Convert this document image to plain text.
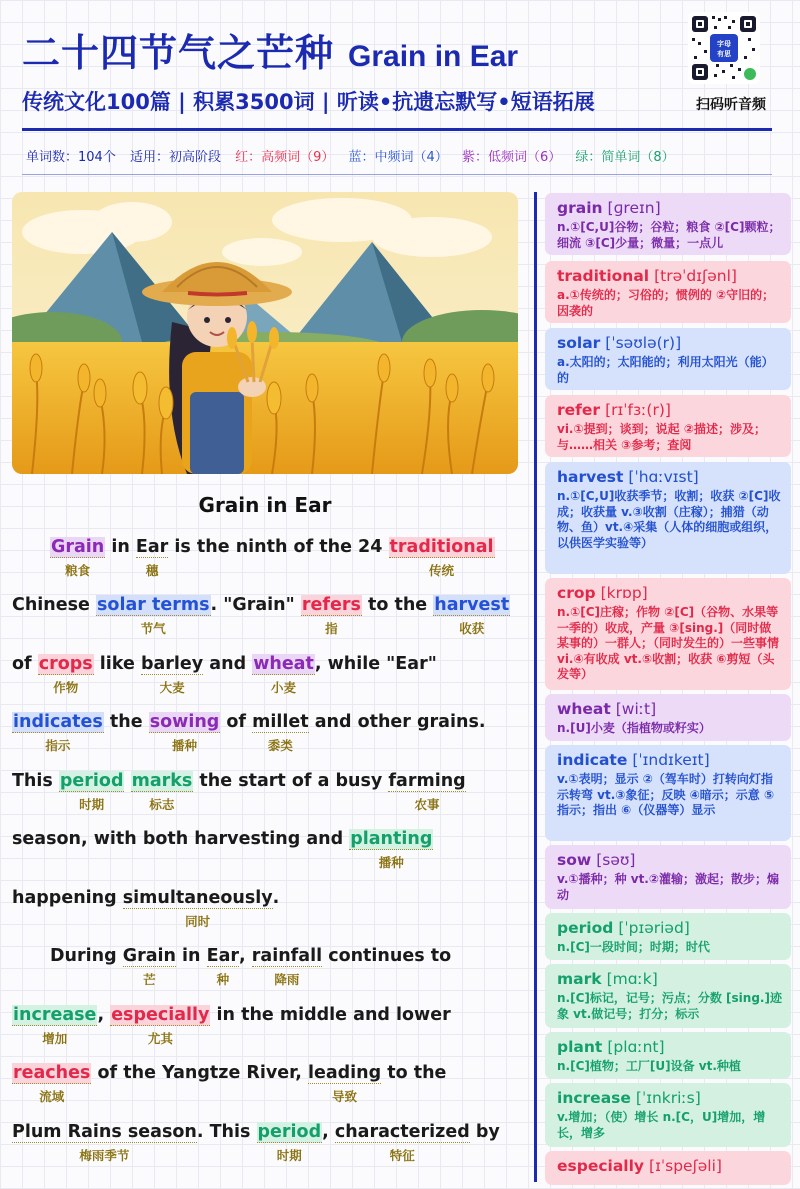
二十四节气之芒种 Grain in Ear
传统文化100篇 | 积累3500词 | 听读•抗遗忘默写•短语拓展
字母
有思
扫码听音频
单词数：104个 适用：初高阶段 红：高频词（9） 蓝：中频词（4） 紫：低频词（6） 绿：简单词（8）
Grain in Ear
Grain
粮食
in Ear
穗
is the ninth of the 24 traditional
传统
Chinese solar terms
节气
. "Grain" refers
指
to the harvest
收获
of crops
作物
like barley
大麦
and wheat
小麦
, while "Ear"
indicates
指示
the sowing
播种
of millet
黍类
and other grains.
This period
时期
marks
标志
the start of a busy farming
农事
season, with both harvesting and planting
播种
happening simultaneously
同时
.
During Grain
芒
in Ear
种
, rainfall
降雨
continues to
increase
增加
, especially
尤其
in the middle and lower
reaches
流域
of the Yangtze River, leading
导致
to the
Plum Rains season
梅雨季节
. This period
时期
, characterized
特征
by
grain [ɡreɪn]
n.①[C,U]谷物；谷粒；粮食 ②[C]颗粒；细流 ③[C]少量；微量；一点儿
traditional [trəˈdɪʃənl]
a.①传统的；习俗的；惯例的 ②守旧的；因袭的
solar [ˈsəʊlə(r)]
a.太阳的；太阳能的；利用太阳光（能）的
refer [rɪˈfɜː(r)]
vi.①提到；谈到；说起 ②描述；涉及；与……相关 ③参考；查阅
harvest [ˈhɑːvɪst]
n.①[C,U]收获季节；收割；收获 ②[C]收成；收获量 v.③收割（庄稼）；捕猎（动物、鱼）vt.④采集（人体的细胞或组织，以供医学实验等）
crop [krɒp]
n.①[C]庄稼；作物 ②[C]（谷物、水果等一季的）收成，产量 ③[sing.]（同时做某事的）一群人；（同时发生的）一些事情 vi.④有收成 vt.⑤收割；收获 ⑥剪短（头发等）
wheat [wiːt]
n.[U]小麦（指植物或籽实）
indicate [ˈɪndɪkeɪt]
v.①表明；显示 ②（驾车时）打转向灯指示转弯 vt.③象征；反映 ④暗示；示意 ⑤指示；指出 ⑥（仪器等）显示
sow [səʊ]
v.①播种；种 vt.②灌输；激起；散步；煽动
period [ˈpɪəriəd]
n.[C]一段时间；时期；时代
mark [mɑːk]
n.[C]标记，记号；污点；分数 [sing.]迹象 vt.做记号；打分；标示
plant [plɑːnt]
n.[C]植物；工厂[U]设备 vt.种植
increase [ˈɪnkriːs]
v.增加；（使）增长 n.[C，U]增加，增长，增多
especially [ɪˈspeʃəli]
